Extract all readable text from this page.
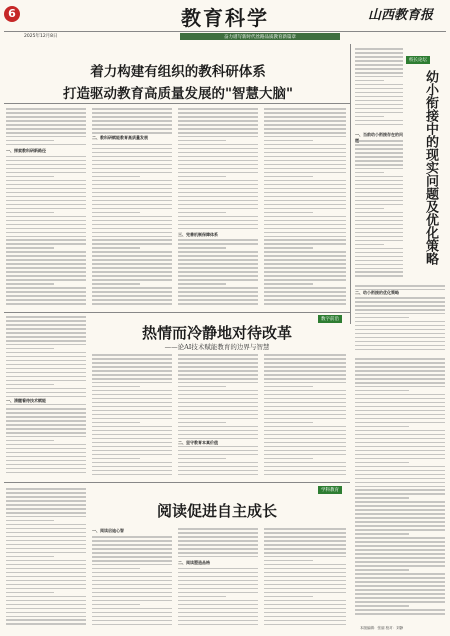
6	教育科学	山西教育报
2025年12月8日	奋力谱写新时代丝路品质教育新篇章
着力构建有组织的教科研体系
打造驱动教育高质量发展的"智慧大脑"
一、探索教科研新路径
二、教科研赋能教育高质量发展
三、完善机制保障体系
校长论坛
幼小衔接中的现实问题及优化策略
一、当前幼小衔接存在的问
二、幼小衔接的优化策略
数字前沿
热情而冷静地对待改革
——论AI技术赋能教育的边界与智慧
一、清醒看待技术赋能
二、坚守教育本真价值
学科教育
阅读促进自主成长
一、阅读启迪心智
二、阅读塑造品格
本版编辑：张丽 校对：刘静
